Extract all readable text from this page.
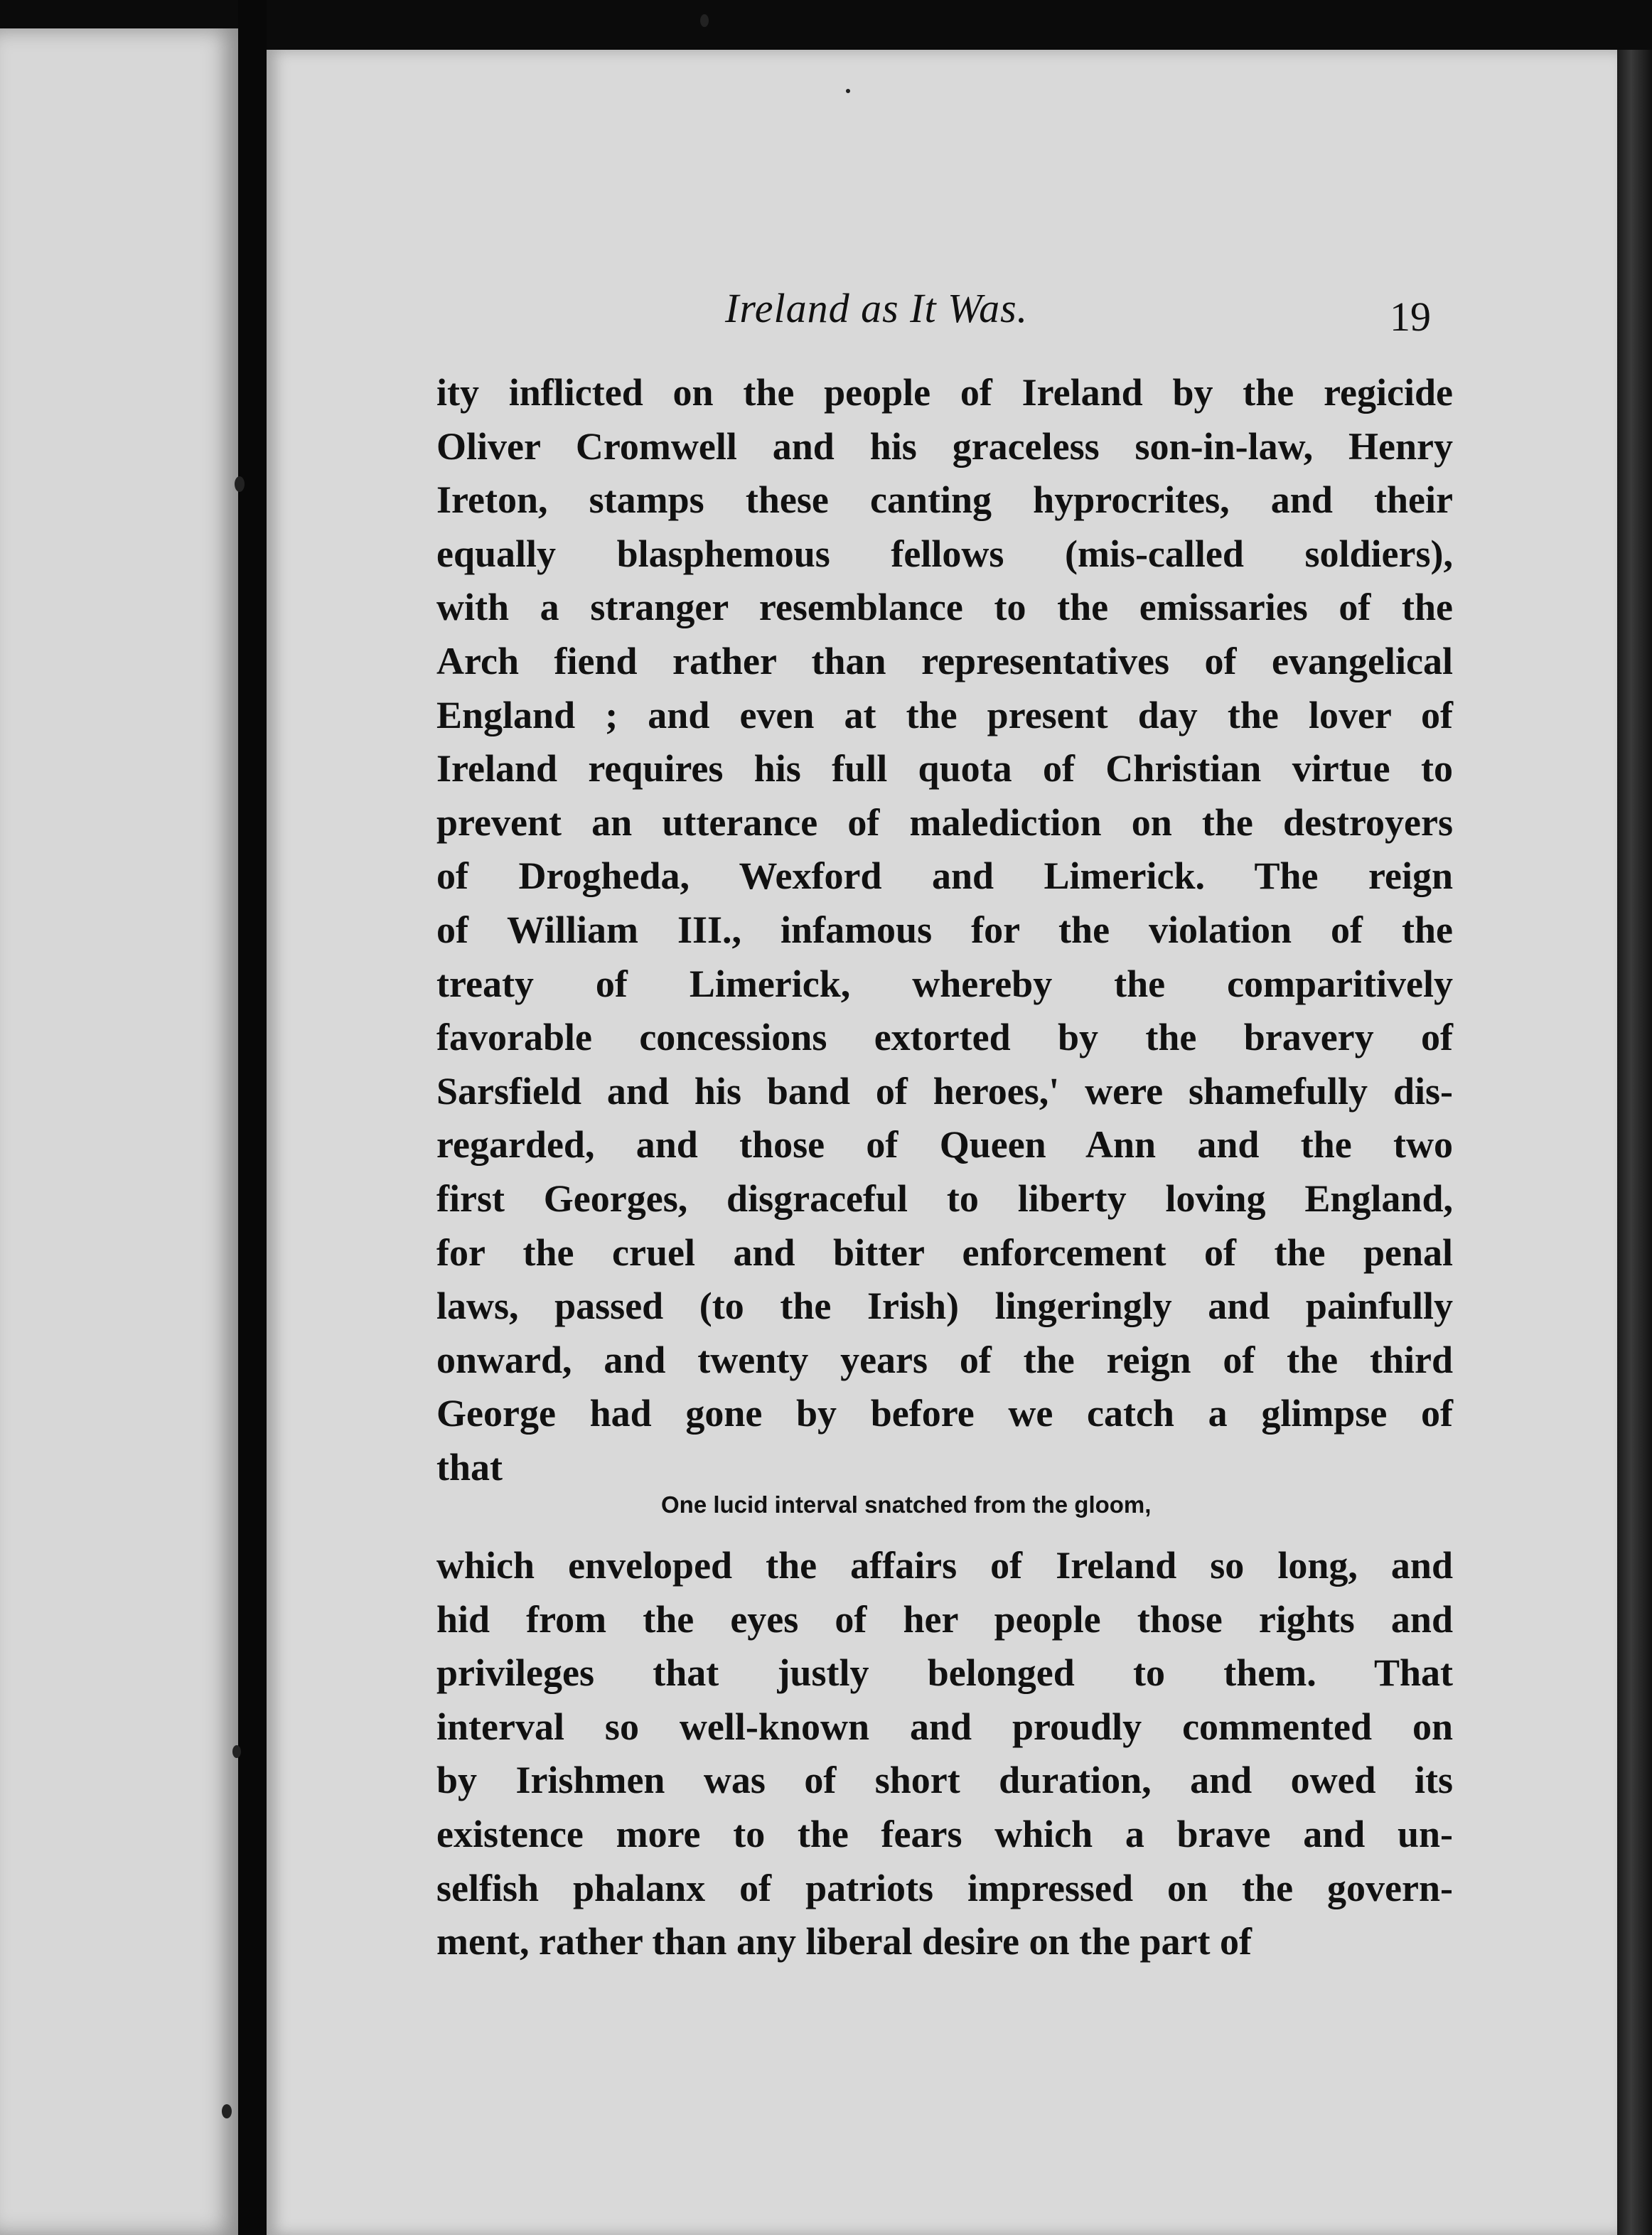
Ireland as It Was.	19
ity inflicted on the people of Ireland by the regicide
Oliver Cromwell and his graceless son-in-law, Henry
Ireton, stamps these canting hyprocrites, and their
equally blasphemous fellows (mis-called soldiers),
with a stranger resemblance to the emissaries of the
Arch fiend rather than representatives of evangelical
England ; and even at the present day the lover of
Ireland requires his full quota of Christian virtue to
prevent an utterance of malediction on the destroyers
of Drogheda, Wexford and Limerick. The reign
of William III., infamous for the violation of the
treaty of Limerick, whereby the comparitively
favorable concessions extorted by the bravery of
Sarsfield and his band of heroes,' were shamefully dis-
regarded, and those of Queen Ann and the two
first Georges, disgraceful to liberty loving England,
for the cruel and bitter enforcement of the penal
laws, passed (to the Irish) lingeringly and painfully
onward, and twenty years of the reign of the third
George had gone by before we catch a glimpse of
that
One lucid interval snatched from the gloom,
which enveloped the affairs of Ireland so long, and
hid from the eyes of her people those rights and
privileges that justly belonged to them. That
interval so well-known and proudly commented on
by Irishmen was of short duration, and owed its
existence more to the fears which a brave and un-
selfish phalanx of patriots impressed on the govern-
ment, rather than any liberal desire on the part of
